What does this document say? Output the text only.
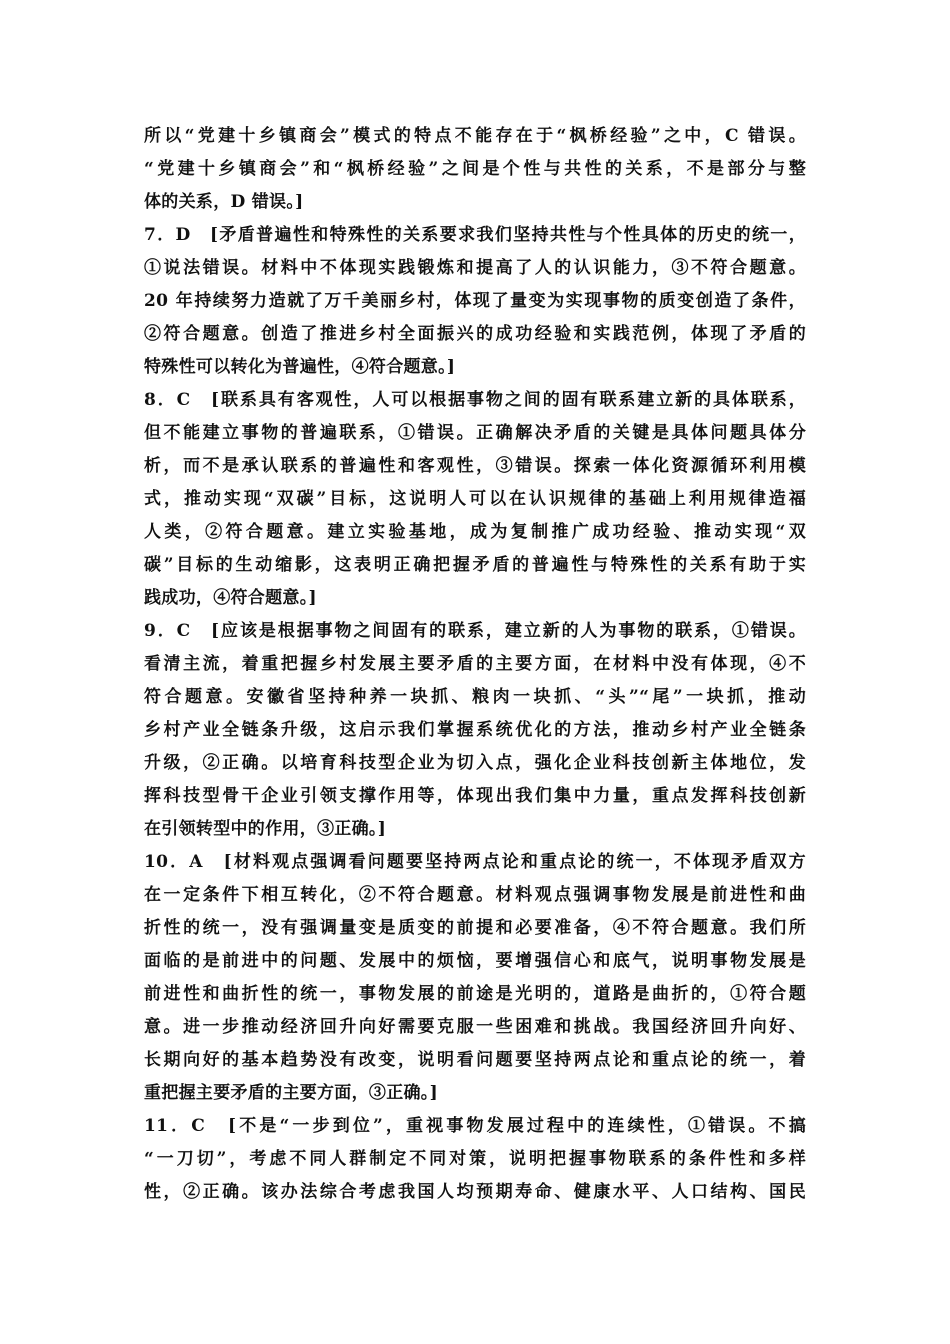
所以“党建十乡镇商会”模式的特点不能存在于“枫桥经验”之中，C 错误。
“党建十乡镇商会”和“枫桥经验”之间是个性与共性的关系，不是部分与整
体的关系，D 错误。]
7．D　[矛盾普遍性和特殊性的关系要求我们坚持共性与个性具体的历史的统一，
①说法错误。材料中不体现实践锻炼和提高了人的认识能力，③不符合题意。
20 年持续努力造就了万千美丽乡村，体现了量变为实现事物的质变创造了条件，
②符合题意。创造了推进乡村全面振兴的成功经验和实践范例，体现了矛盾的
特殊性可以转化为普遍性，④符合题意。]
8．C　[联系具有客观性，人可以根据事物之间的固有联系建立新的具体联系，
但不能建立事物的普遍联系，①错误。正确解决矛盾的关键是具体问题具体分
析，而不是承认联系的普遍性和客观性，③错误。探索一体化资源循环利用模
式，推动实现“双碳”目标，这说明人可以在认识规律的基础上利用规律造福
人类，②符合题意。建立实验基地，成为复制推广成功经验、推动实现“双
碳”目标的生动缩影，这表明正确把握矛盾的普遍性与特殊性的关系有助于实
践成功，④符合题意。]
9．C　[应该是根据事物之间固有的联系，建立新的人为事物的联系，①错误。
看清主流，着重把握乡村发展主要矛盾的主要方面，在材料中没有体现，④不
符合题意。安徽省坚持种养一块抓、粮肉一块抓、“头”“尾”一块抓，推动
乡村产业全链条升级，这启示我们掌握系统优化的方法，推动乡村产业全链条
升级，②正确。以培育科技型企业为切入点，强化企业科技创新主体地位，发
挥科技型骨干企业引领支撑作用等，体现出我们集中力量，重点发挥科技创新
在引领转型中的作用，③正确。]
10．A　[材料观点强调看问题要坚持两点论和重点论的统一，不体现矛盾双方
在一定条件下相互转化，②不符合题意。材料观点强调事物发展是前进性和曲
折性的统一，没有强调量变是质变的前提和必要准备，④不符合题意。我们所
面临的是前进中的问题、发展中的烦恼，要增强信心和底气，说明事物发展是
前进性和曲折性的统一，事物发展的前途是光明的，道路是曲折的，①符合题
意。进一步推动经济回升向好需要克服一些困难和挑战。我国经济回升向好、
长期向好的基本趋势没有改变，说明看问题要坚持两点论和重点论的统一，着
重把握主要矛盾的主要方面，③正确。]
11．C　[不是“一步到位”，重视事物发展过程中的连续性，①错误。不搞
“一刀切”，考虑不同人群制定不同对策，说明把握事物联系的条件性和多样
性，②正确。该办法综合考虑我国人均预期寿命、健康水平、人口结构、国民
